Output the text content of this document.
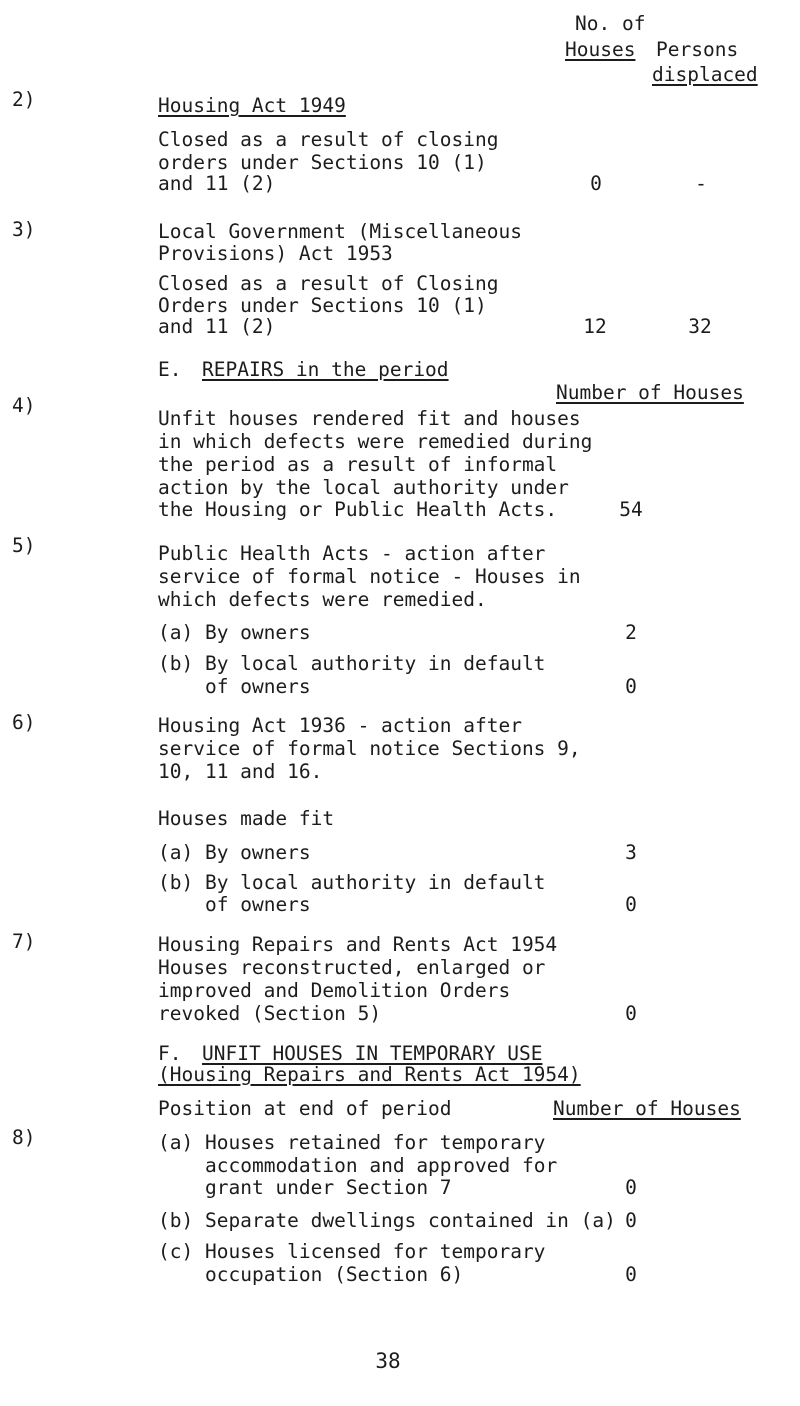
No. of
Houses Persons
displaced
2)	Housing Act 1949
Closed as a result of closing
orders under Sections 10 (1)
and 11 (2)	0	-
3)	Local Government (Miscellaneous
Provisions) Act 1953
Closed as a result of Closing
Orders under Sections 10 (1)
and 11 (2)	12	32
E. REPAIRS in the period
Number of Houses
4)
Unfit houses rendered fit and houses
in which defects were remedied during
the period as a result of informal
action by the local authority under
the Housing or Public Health Acts.	54
5)	Public Health Acts - action after
service of formal notice - Houses in
which defects were remedied.
(a) By owners	2
(b) By local authority in default
of owners	0
6)	Housing Act 1936 - action after
service of formal notice Sections 9,
10, 11 and 16.
Houses made fit
(a) By owners	3
(b) By local authority in default
of owners	0
7)	Housing Repairs and Rents Act 1954
Houses reconstructed, enlarged or
improved and Demolition Orders
revoked (Section 5)	0
F. UNFIT HOUSES IN TEMPORARY USE
(Housing Repairs and Rents Act 1954)
Position at end of period	Number of Houses
8)	(a) Houses retained for temporary
accommodation and approved for
grant under Section 7	0
(b) Separate dwellings contained in (a) 0
(c) Houses licensed for temporary
occupation (Section 6)	0
38
